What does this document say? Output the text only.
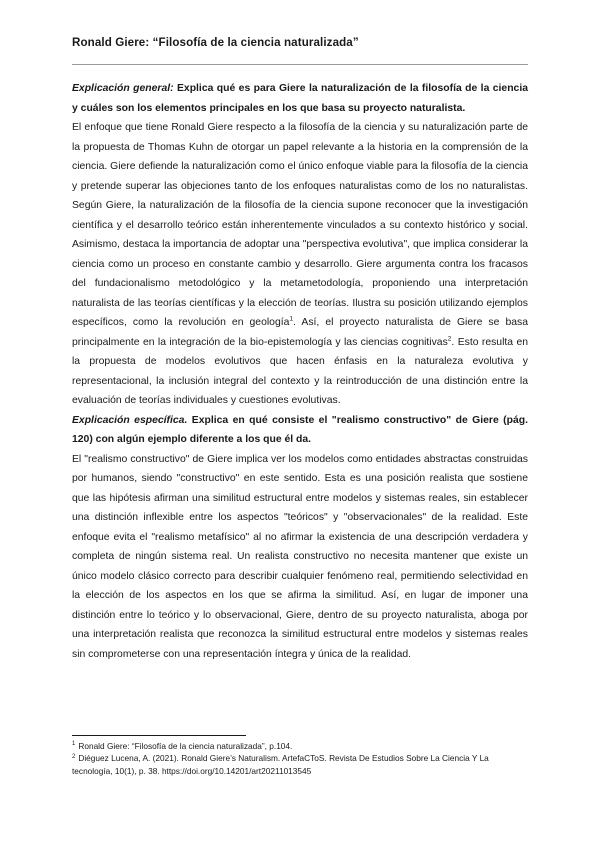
Ronald Giere: “Filosofía de la ciencia naturalizada”

Explicación general: Explica qué es para Giere la naturalización de la filosofía de la ciencia y cuáles son los elementos principales en los que basa su proyecto naturalista.

El enfoque que tiene Ronald Giere respecto a la filosofía de la ciencia y su naturalización parte de la propuesta de Thomas Kuhn de otorgar un papel relevante a la historia en la comprensión de la ciencia. Giere defiende la naturalización como el único enfoque viable para la filosofía de la ciencia y pretende superar las objeciones tanto de los enfoques naturalistas como de los no naturalistas. Según Giere, la naturalización de la filosofía de la ciencia supone reconocer que la investigación científica y el desarrollo teórico están inherentemente vinculados a su contexto histórico y social. Asimismo, destaca la importancia de adoptar una "perspectiva evolutiva", que implica considerar la ciencia como un proceso en constante cambio y desarrollo. Giere argumenta contra los fracasos del fundacionalismo metodológico y la metametodología, proponiendo una interpretación naturalista de las teorías científicas y la elección de teorías. Ilustra su posición utilizando ejemplos específicos, como la revolución en geología$^1$. Así, el proyecto naturalista de Giere se basa principalmente en la integración de la bio-epistemología y las ciencias cognitivas$^2$. Esto resulta en la propuesta de modelos evolutivos que hacen énfasis en la naturaleza evolutiva y representacional, la inclusión integral del contexto y la reintroducción de una distinción entre la evaluación de teorías individuales y cuestiones evolutivas.

Explicación específica. Explica en qué consiste el "realismo constructivo" de Giere (pág. 120) con algún ejemplo diferente a los que él da.

El "realismo constructivo" de Giere implica ver los modelos como entidades abstractas construidas por humanos, siendo "constructivo" en este sentido. Esta es una posición realista que sostiene que las hipótesis afirman una similitud estructural entre modelos y sistemas reales, sin establecer una distinción inflexible entre los aspectos "teóricos" y "observacionales" de la realidad. Este enfoque evita el "realismo metafísico" al no afirmar la existencia de una descripción verdadera y completa de ningún sistema real. Un realista constructivo no necesita mantener que existe un único modelo clásico correcto para describir cualquier fenómeno real, permitiendo selectividad en la elección de los aspectos en los que se afirma la similitud. Así, en lugar de imponer una distinción entre lo teórico y lo observacional, Giere, dentro de su proyecto naturalista, aboga por una interpretación realista que reconozca la similitud estructural entre modelos y sistemas reales sin comprometerse con una representación íntegra y única de la realidad.

$^1$ Ronald Giere: “Filosofía de la ciencia naturalizada”, p.104.

$^2$ Diéguez Lucena, A. (2021). Ronald Giere’s Naturalism. ArtefaCToS. Revista De Estudios Sobre La Ciencia Y La tecnología, 10(1), p. 38. https://doi.org/10.14201/art20211013545
